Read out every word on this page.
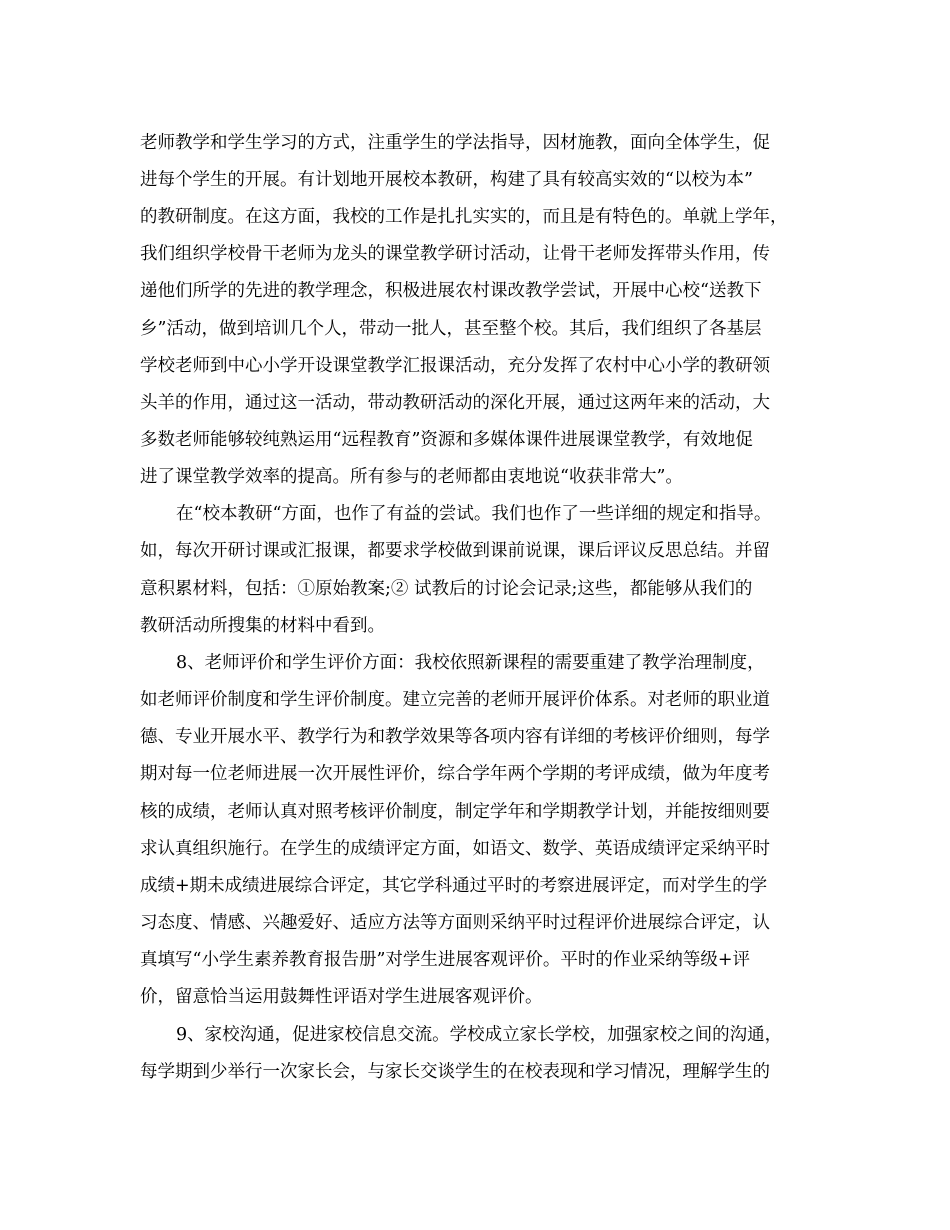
老师教学和学生学习的方式，注重学生的学法指导，因材施教，面向全体学生，促
进每个学生的开展。有计划地开展校本教研，构建了具有较高实效的“以校为本”
的教研制度。在这方面，我校的工作是扎扎实实的，而且是有特色的。单就上学年，
我们组织学校骨干老师为龙头的课堂教学研讨活动，让骨干老师发挥带头作用，传
递他们所学的先进的教学理念，积极进展农村课改教学尝试，开展中心校“送教下
乡”活动，做到培训几个人，带动一批人，甚至整个校。其后，我们组织了各基层
学校老师到中心小学开设课堂教学汇报课活动，充分发挥了农村中心小学的教研领
头羊的作用，通过这一活动，带动教研活动的深化开展，通过这两年来的活动，大
多数老师能够较纯熟运用“远程教育”资源和多媒体课件进展课堂教学，有效地促
进了课堂教学效率的提高。所有参与的老师都由衷地说“收获非常大”。
在“校本教研“方面，也作了有益的尝试。我们也作了一些详细的规定和指导。
如，每次开研讨课或汇报课，都要求学校做到课前说课，课后评议反思总结。并留
意积累材料，包括：①原始教案;② 试教后的讨论会记录;这些，都能够从我们的
教研活动所搜集的材料中看到。
8、老师评价和学生评价方面：我校依照新课程的需要重建了教学治理制度，
如老师评价制度和学生评价制度。建立完善的老师开展评价体系。对老师的职业道
德、专业开展水平、教学行为和教学效果等各项内容有详细的考核评价细则，每学
期对每一位老师进展一次开展性评价，综合学年两个学期的考评成绩，做为年度考
核的成绩，老师认真对照考核评价制度，制定学年和学期教学计划，并能按细则要
求认真组织施行。在学生的成绩评定方面，如语文、数学、英语成绩评定采纳平时
成绩+期未成绩进展综合评定，其它学科通过平时的考察进展评定，而对学生的学
习态度、情感、兴趣爱好、适应方法等方面则采纳平时过程评价进展综合评定，认
真填写“小学生素养教育报告册”对学生进展客观评价。平时的作业采纳等级+评
价，留意恰当运用鼓舞性评语对学生进展客观评价。
9、家校沟通，促进家校信息交流。学校成立家长学校，加强家校之间的沟通，
每学期到少举行一次家长会，与家长交谈学生的在校表现和学习情况，理解学生的
